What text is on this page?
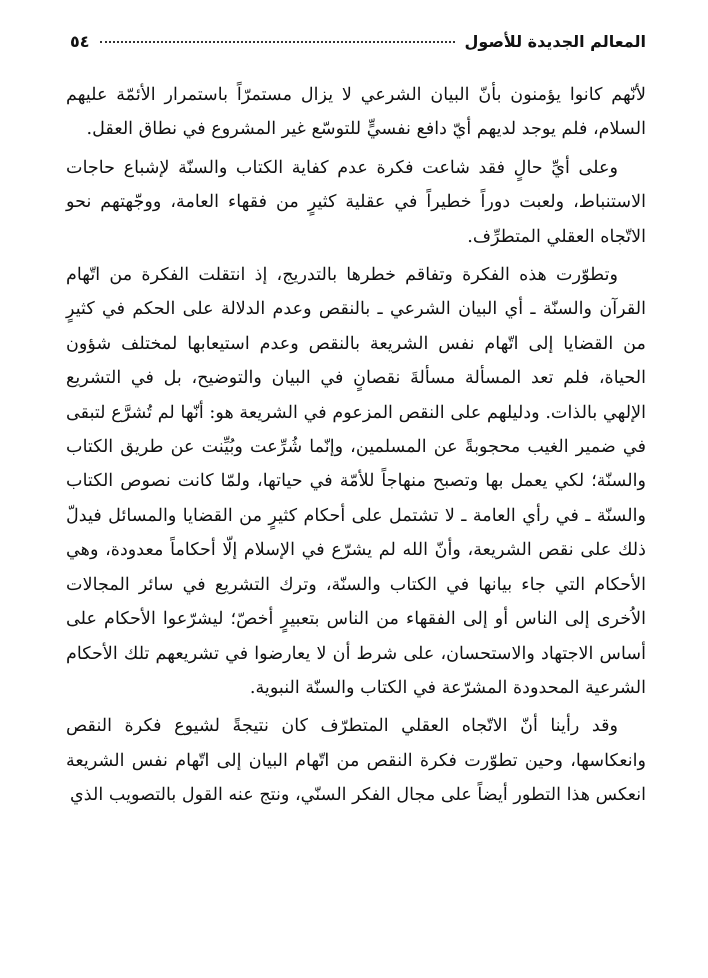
المعالم الجديدة للأصول
٥٤

لأنّهم كانوا يؤمنون بأنّ البيان الشرعي لا يزال مستمرّاً باستمرار الأئمّة عليهم السلام، فلم يوجد لديهم أيّ دافع نفسيٍّ للتوسّع غير المشروع في نطاق العقل.

وعلى أيِّ حالٍ فقد شاعت فكرة عدم كفاية الكتاب والسنّة لإشباع حاجات الاستنباط، ولعبت دوراً خطيراً في عقلية كثيرٍ من فقهاء العامة، ووجّهتهم نحو الاتّجاه العقلي المتطرِّف.

وتطوّرت هذه الفكرة وتفاقم خطرها بالتدريج، إذ انتقلت الفكرة من اتّهام القرآن والسنّة ـ أي البيان الشرعي ـ بالنقص وعدم الدلالة على الحكم في كثيرٍ من القضايا إلى اتّهام نفس الشريعة بالنقص وعدم استيعابها لمختلف شؤون الحياة، فلم تعد المسألة مسألةَ نقصانٍ في البيان والتوضيح، بل في التشريع الإلهي بالذات. ودليلهم على النقص المزعوم في الشريعة هو: أنّها لم تُشرَّع لتبقى في ضمير الغيب محجوبةً عن المسلمين، وإنّما شُرِّعت وبُيِّنت عن طريق الكتاب والسنّة؛ لكي يعمل بها وتصبح منهاجاً للأمّة في حياتها، ولمّا كانت نصوص الكتاب والسنّة ـ في رأي العامة ـ لا تشتمل على أحكام كثيرٍ من القضايا والمسائل فيدلّ ذلك على نقص الشريعة، وأنّ الله لم يشرّع في الإسلام إلّا أحكاماً معدودة، وهي الأحكام التي جاء بيانها في الكتاب والسنّة، وترك التشريع في سائر المجالات الاُخرى إلى الناس أو إلى الفقهاء من الناس بتعبيرٍ أخصّ؛ ليشرّعوا الأحكام على أساس الاجتهاد والاستحسان، على شرط أن لا يعارضوا في تشريعهم تلك الأحكام الشرعية المحدودة المشرّعة في الكتاب والسنّة النبوية.

وقد رأينا أنّ الاتّجاه العقلي المتطرّف كان نتيجةً لشيوع فكرة النقص وانعكاسها، وحين تطوّرت فكرة النقص من اتّهام البيان إلى اتّهام نفس الشريعة انعكس هذا التطور أيضاً على مجال الفكر السنّي، ونتج عنه القول بالتصويب الذي
